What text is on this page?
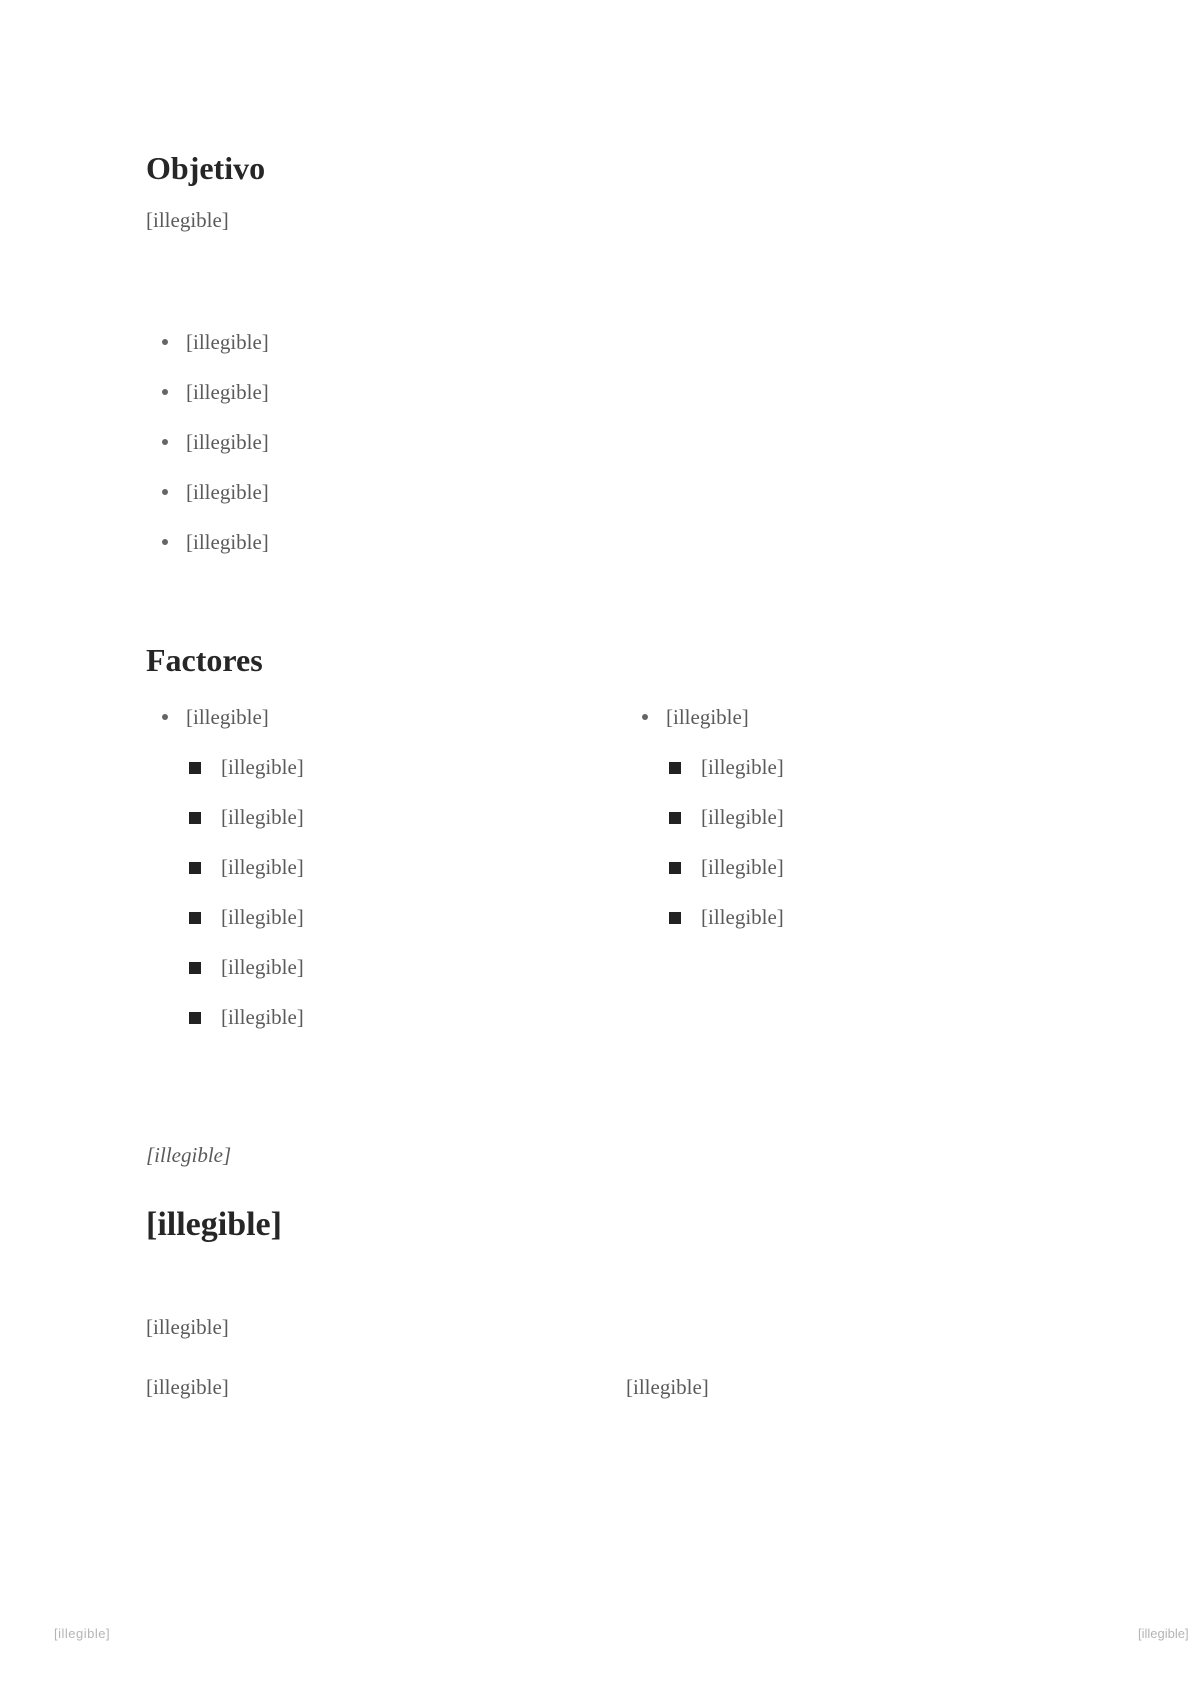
Objetivo

[illegible]

[illegible]
[illegible]
[illegible]
[illegible]
[illegible]
Factores
[illegible]
[illegible]
[illegible]
[illegible]
[illegible]
[illegible]
[illegible]
[illegible]
[illegible]
[illegible]
[illegible]
[illegible]
[illegible]
[illegible]
[illegible]
[illegible]	[illegible]
[illegible]	[illegible]
